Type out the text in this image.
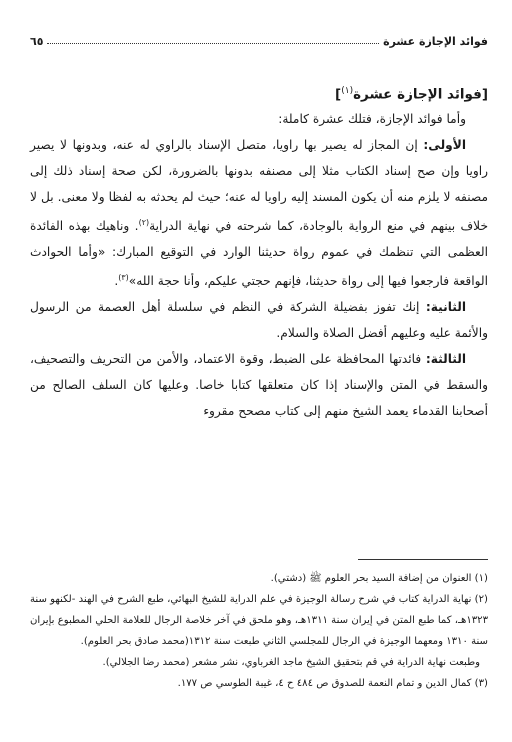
فوائد الإجازة عشرة
٦٥
[فوائد الإجازة عشرة$^{(١)}$]

وأما فوائد الإجازة، فتلك عشرة كاملة:

الأولى: إن المجاز له يصير بها راويا، متصل الإسناد بالراوي له عنه، وبدونها لا يصير راويا وإن صح إسناد الكتاب مثلا إلى مصنفه بدونها بالضرورة، لكن صحة إسناد ذلك إلى مصنفه لا يلزم منه أن يكون المسند إليه راويا له عنه؛ حيث لم يحدثه به لفظا ولا معنى. بل لا خلاف بينهم في منع الرواية بالوجادة، كما شرحته في نهاية الدراية$^{(٢)}$. وناهيك بهذه الفائدة العظمى التي تنظمك في عموم رواة حديثنا الوارد في التوقيع المبارك: «وأما الحوادث الواقعة فارجعوا فيها إلى رواة حديثنا، فإنهم حجتي عليكم، وأنا حجة الله»$^{(٣)}$.

الثانية: إنك تفوز بفضيلة الشركة في النظم في سلسلة أهل العصمة من الرسول والأئمة عليه وعليهم أفضل الصلاة والسلام.

الثالثة: فائدتها المحافظة على الضبط، وقوة الاعتماد، والأمن من التحريف والتصحيف، والسقط في المتن والإسناد إذا كان متعلقها كتابا خاصا. وعليها كان السلف الصالح من أصحابنا القدماء يعمد الشيخ منهم إلى كتاب مصحح مقروء

(١) العنوان من إضافة السيد بحر العلوم ﷺ (دشتي).

(٢) نهاية الدراية كتاب في شرح رسالة الوجيزة في علم الدراية للشيخ البهائي، طبع الشرح في الهند -لكنهو سنة ١٣٢٣هـ، كما طبع المتن في إيران سنة ١٣١١هـ، وهو ملحق في آخر خلاصة الرجال للعلامة الحلي المطبوع بإيران سنة ١٣١٠ ومعهما الوجيزة في الرجال للمجلسي الثاني طبعت سنة ١٣١٢(محمد صادق بحر العلوم).

وطبعت نهاية الدراية في قم بتحقيق الشيخ ماجد الغرباوي، نشر مشعر (محمد رضا الجلالي).

(٣) كمال الدين و تمام النعمة للصدوق ص ٤٨٤ ح ٤، غيبة الطوسي ص ١٧٧.
